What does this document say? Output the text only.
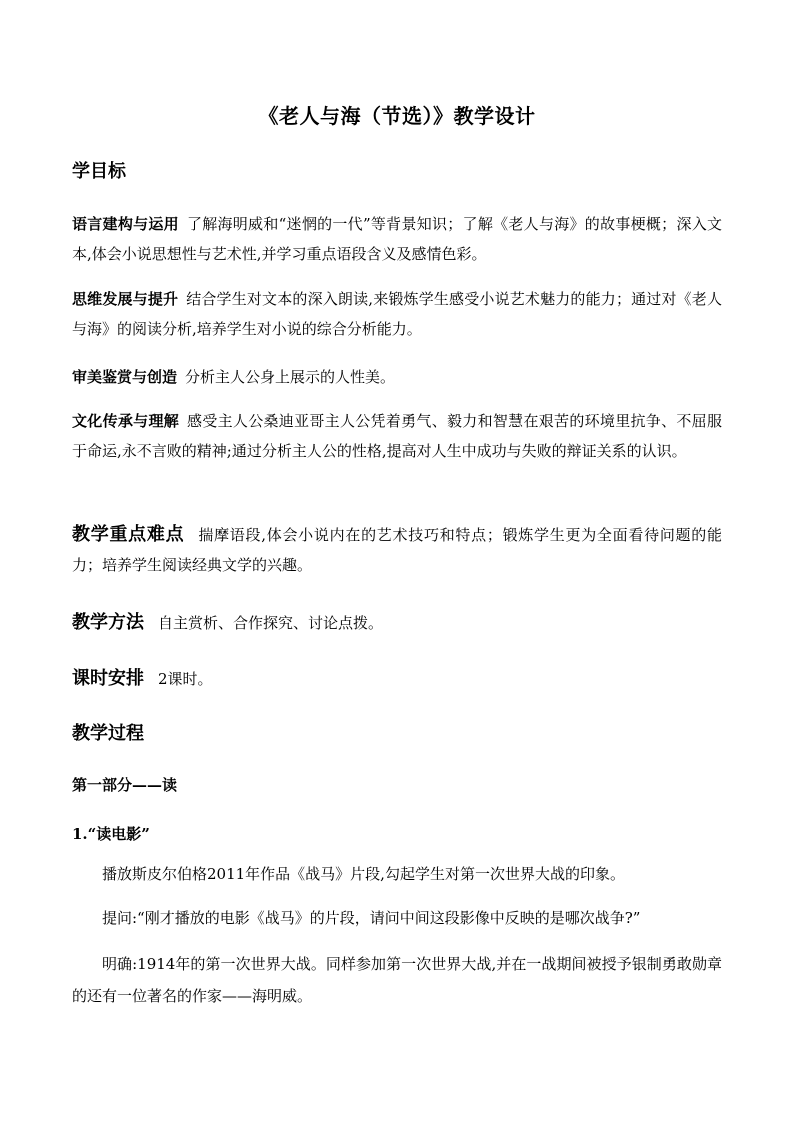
《老人与海（节选）》教学设计
学目标
语言建构与运用 了解海明威和“迷惘的一代”等背景知识；了解《老人与海》的故事梗概；深入文本,体会小说思想性与艺术性,并学习重点语段含义及感情色彩。
思维发展与提升 结合学生对文本的深入朗读,来锻炼学生感受小说艺术魅力的能力；通过对《老人与海》的阅读分析,培养学生对小说的综合分析能力。
审美鉴赏与创造 分析主人公身上展示的人性美。
文化传承与理解 感受主人公桑迪亚哥主人公凭着勇气、毅力和智慧在艰苦的环境里抗争、不屈服于命运,永不言败的精神;通过分析主人公的性格,提高对人生中成功与失败的辩证关系的认识。
教学重点难点 揣摩语段,体会小说内在的艺术技巧和特点；锻炼学生更为全面看待问题的能力；培养学生阅读经典文学的兴趣。
教学方法 自主赏析、合作探究、讨论点拨。
课时安排 2课时。
教学过程
第一部分——读
1.“读电影”
播放斯皮尔伯格2011年作品《战马》片段,勾起学生对第一次世界大战的印象。
提问:“刚才播放的电影《战马》的片段，请问中间这段影像中反映的是哪次战争?”
明确:1914年的第一次世界大战。同样参加第一次世界大战,并在一战期间被授予银制勇敢勋章的还有一位著名的作家——海明威。
